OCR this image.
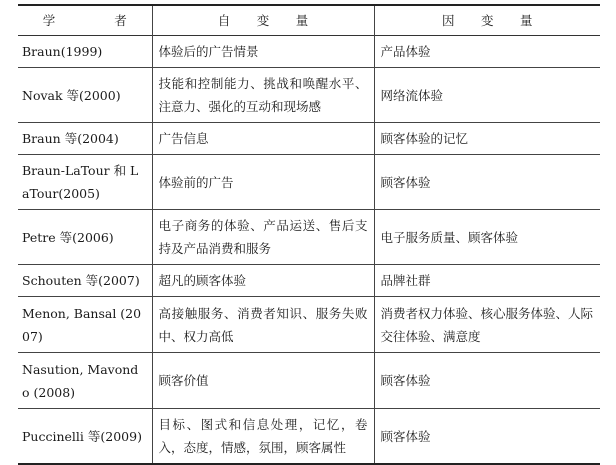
学 者	自 变 量	因 变 量
Braun(1999)	体验后的广告情景	产品体验
Novak 等(2000)	技能和控制能力、挑战和唤醒水平、注意力、强化的互动和现场感	网络流体验
Braun 等(2004)	广告信息	顾客体验的记忆
Braun-LaTour 和 LaTour(2005)	体验前的广告	顾客体验
Petre 等(2006)	电子商务的体验、产品运送、售后支持及产品消费和服务	电子服务质量、顾客体验
Schouten 等(2007)	超凡的顾客体验	品牌社群
Menon, Bansal (2007)	高接触服务、消费者知识、服务失败中、权力高低	消费者权力体验、核心服务体验、人际交往体验、满意度
Nasution, Mavondo (2008)	顾客价值	顾客体验
Puccinelli 等(2009)	目标、图式和信息处理，记忆，卷入，态度，情感，氛围，顾客属性	顾客体验
